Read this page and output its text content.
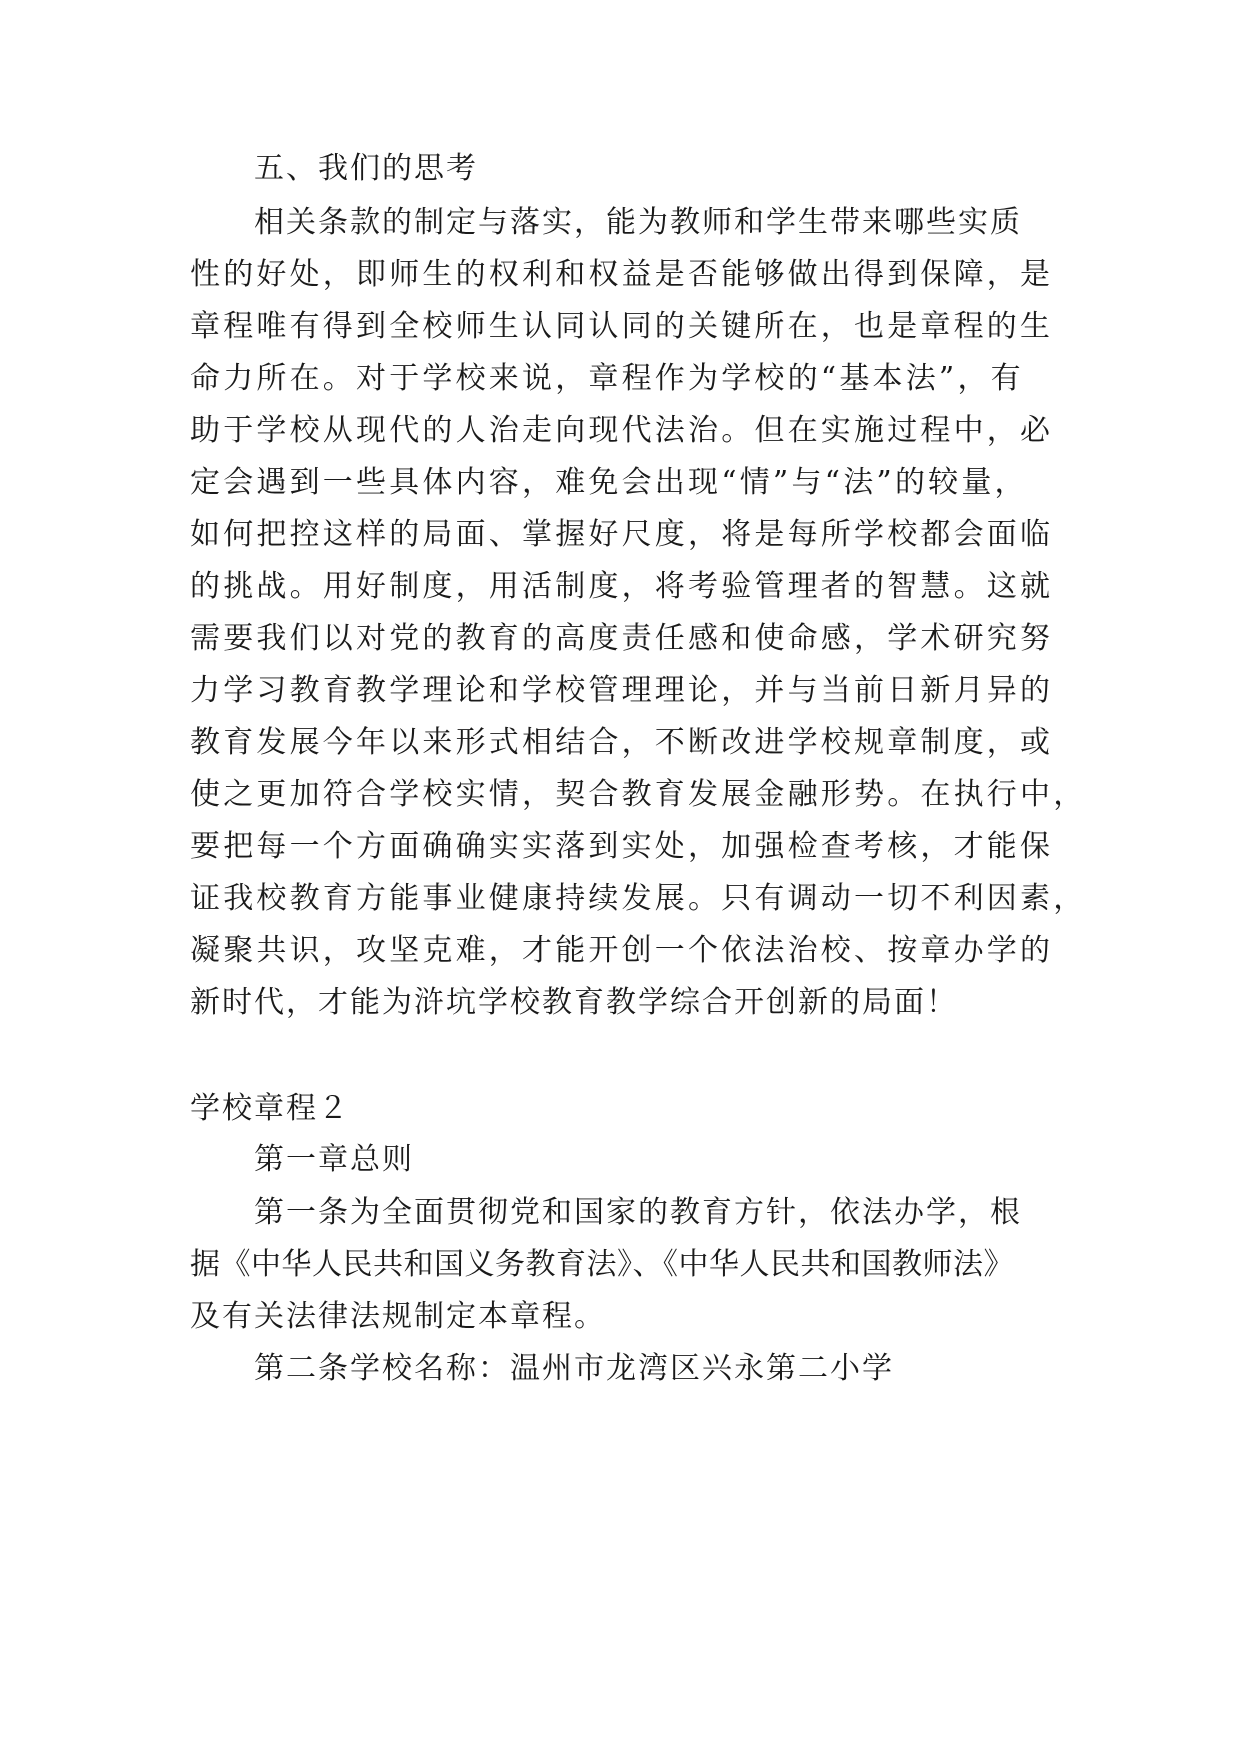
五、我们的思考
相关条款的制定与落实，能为教师和学生带来哪些实质
性的好处，即师生的权利和权益是否能够做出得到保障，是
章程唯有得到全校师生认同认同的关键所在，也是章程的生
命力所在。对于学校来说，章程作为学校的“基本法”，有
助于学校从现代的人治走向现代法治。但在实施过程中，必
定会遇到一些具体内容，难免会出现“情”与“法”的较量，
如何把控这样的局面、掌握好尺度，将是每所学校都会面临
的挑战。用好制度，用活制度，将考验管理者的智慧。这就
需要我们以对党的教育的高度责任感和使命感，学术研究努
力学习教育教学理论和学校管理理论，并与当前日新月异的
教育发展今年以来形式相结合，不断改进学校规章制度，或
使之更加符合学校实情，契合教育发展金融形势。在执行中，
要把每一个方面确确实实落到实处，加强检查考核，才能保
证我校教育方能事业健康持续发展。只有调动一切不利因素，
凝聚共识，攻坚克难，才能开创一个依法治校、按章办学的
新时代，才能为浒坑学校教育教学综合开创新的局面！
学校章程２
第一章总则
第一条为全面贯彻党和国家的教育方针，依法办学，根
据《中华人民共和国义务教育法》、《中华人民共和国教师法》
及有关法律法规制定本章程。
第二条学校名称：温州市龙湾区兴永第二小学
